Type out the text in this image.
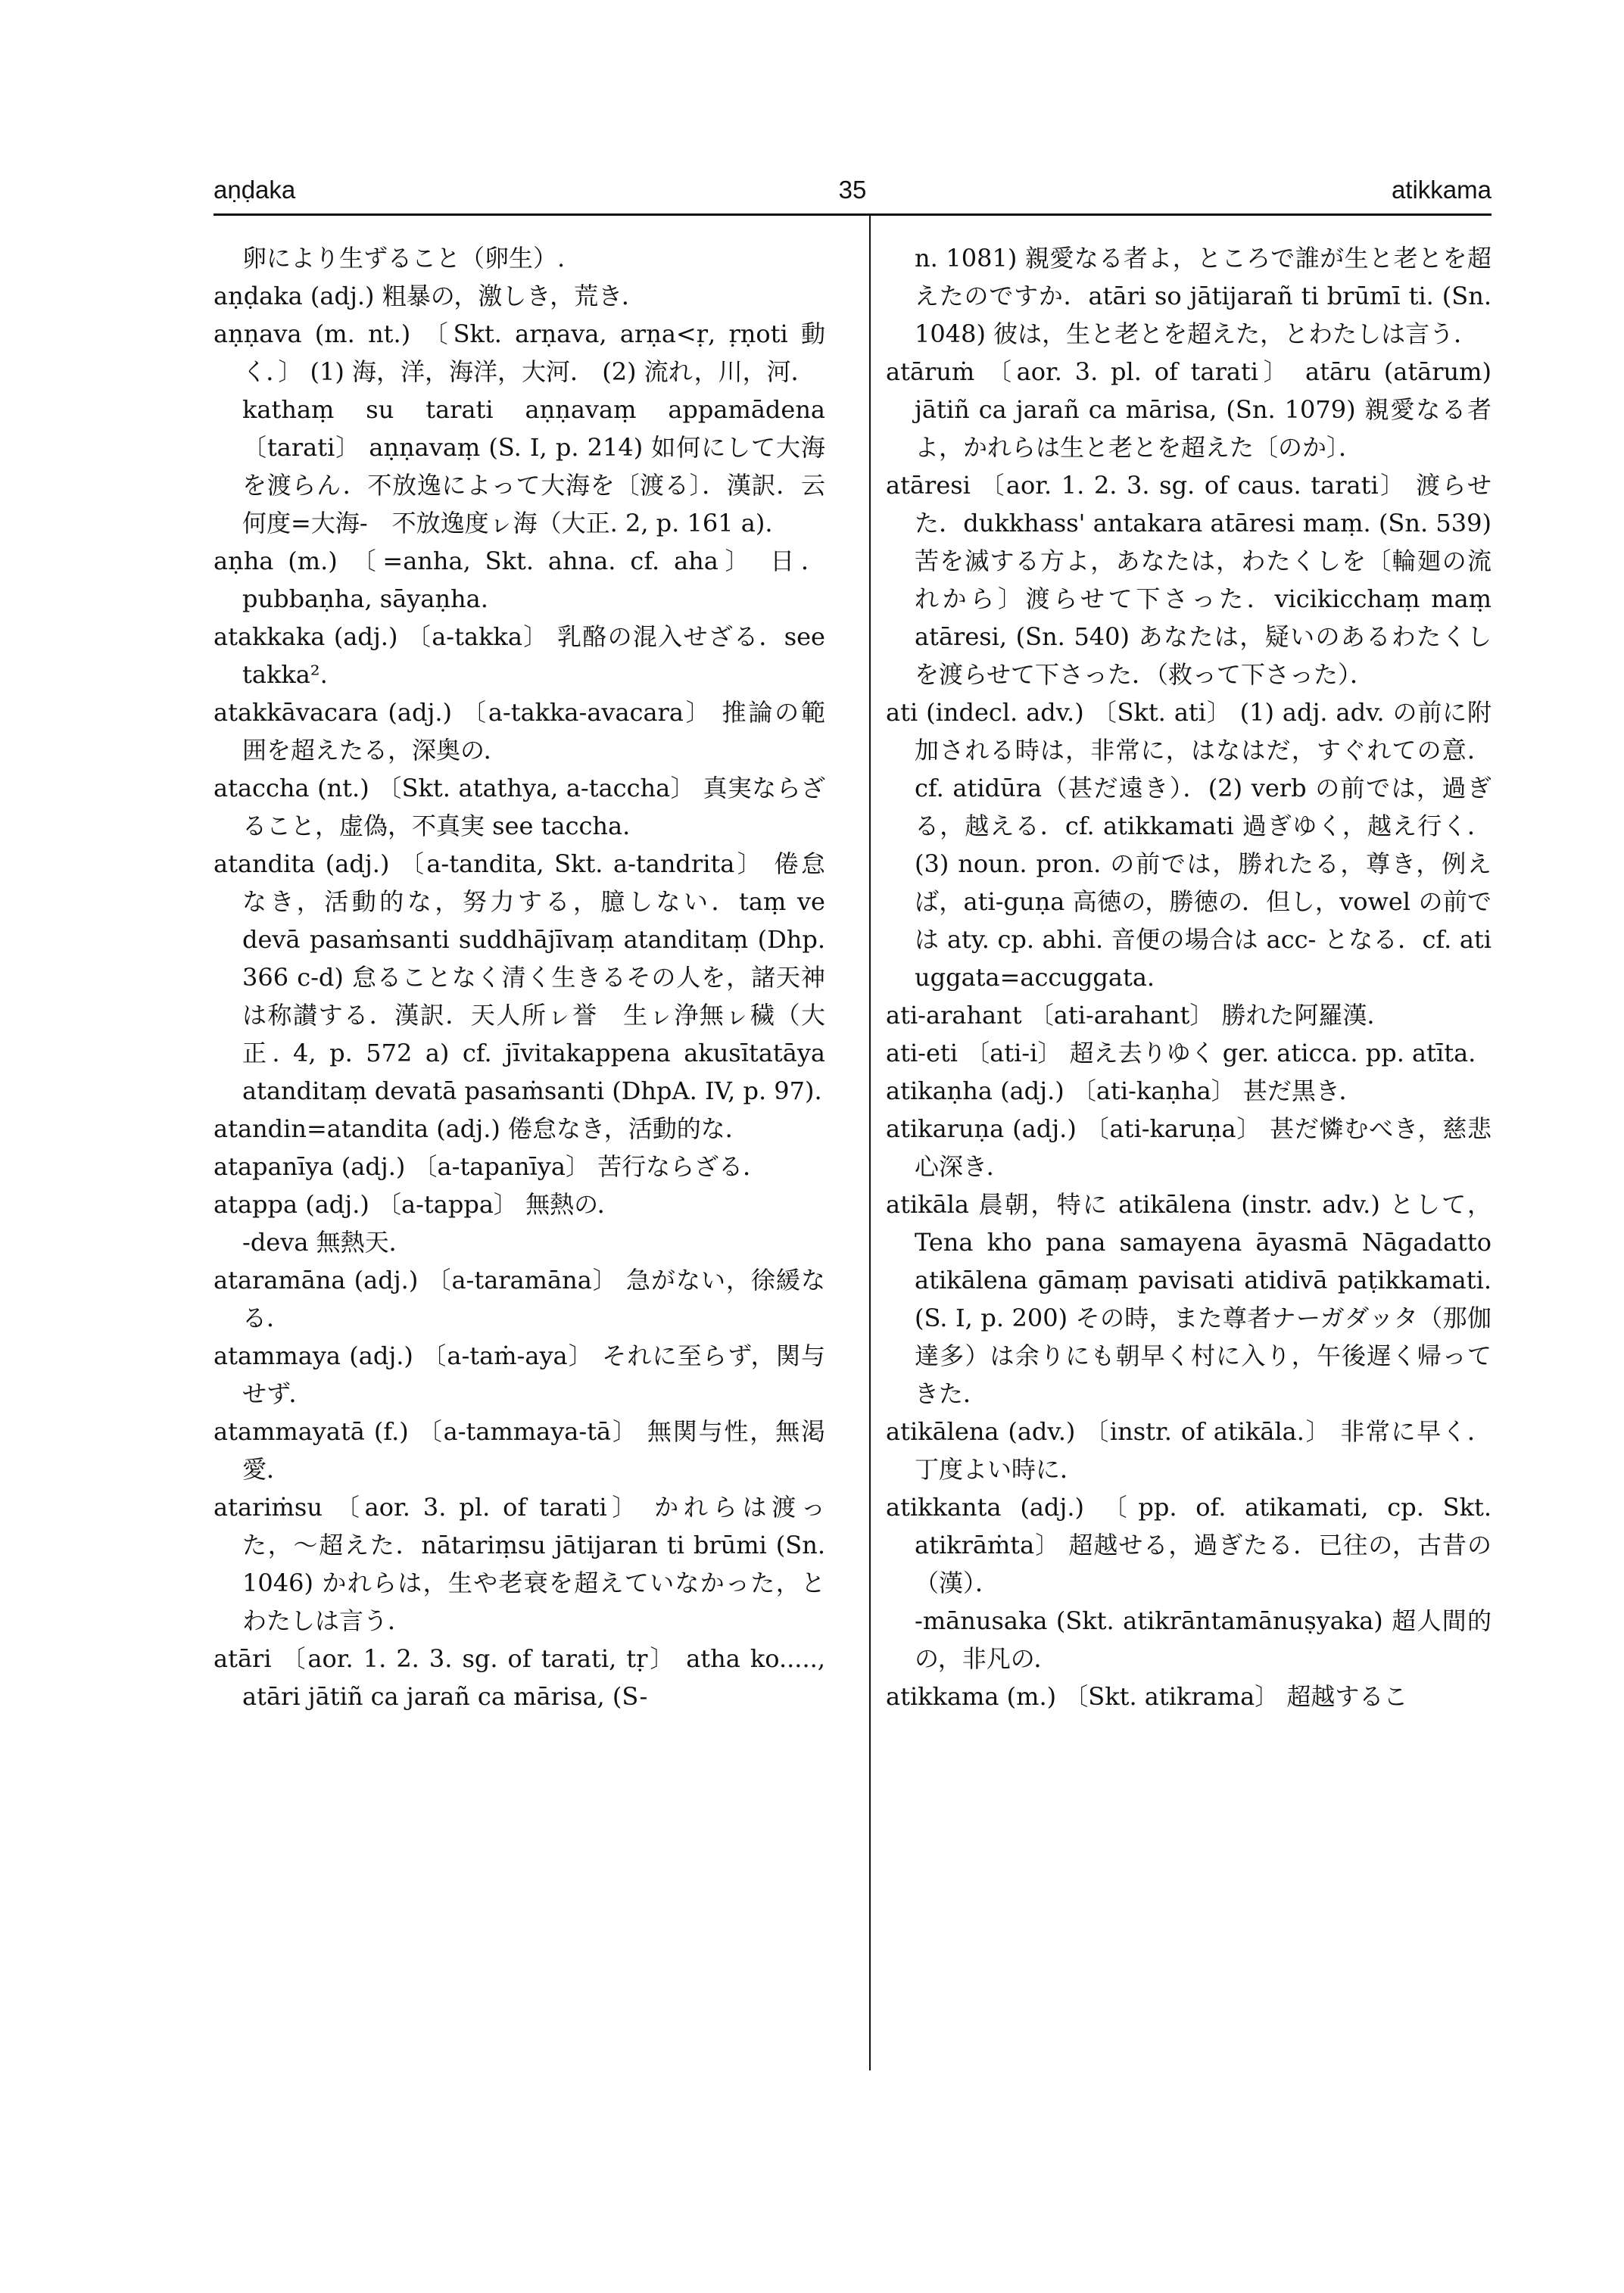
aṇḍaka	35	atikkama

卵により生ずること（卵生）.

aṇḍaka (adj.) 粗暴の，激しき，荒き．

aṇṇava (m. nt.) 〔Skt. arṇava, arṇa<ṛ, ṛṇoti 動く．〕 (1) 海，洋，海洋，大河． (2) 流れ，川，河．

kathaṃ su tarati aṇṇavaṃ appamādena 〔tarati〕 aṇṇavaṃ (S. I, p. 214) 如何にして大海を渡らん．不放逸によって大海を〔渡る〕．漢訳．云何度=大海-　不放逸度ㇾ海（大正. 2, p. 161 a).

aṇha (m.) 〔=anha, Skt. ahna. cf. aha〕 日．pubbaṇha, sāyaṇha.

atakkaka (adj.) 〔a-takka〕 乳酪の混入せざる．see takka².

atakkāvacara (adj.) 〔a-takka-avacara〕 推論の範囲を超えたる，深奥の．

ataccha (nt.) 〔Skt. atathya, a-taccha〕 真実ならざること，虚偽，不真実 see taccha.

atandita (adj.) 〔a-tandita, Skt. a-tandrita〕 倦怠なき，活動的な，努力する，臆しない．taṃ ve devā pasaṁsanti suddhājīvaṃ atanditaṃ (Dhp. 366 c-d) 怠ることなく清く生きるその人を，諸天神は称讃する．漢訳．天人所ㇾ誉　生ㇾ浄無ㇾ穢（大正. 4, p. 572 a) cf. jīvitakappena akusītatāya atanditaṃ devatā pasaṁsanti (DhpA. IV, p. 97).

atandin=atandita (adj.) 倦怠なき，活動的な．

atapanīya (adj.) 〔a-tapanīya〕 苦行ならざる．

atappa (adj.) 〔a-tappa〕 無熱の．

-deva 無熱天．

ataramāna (adj.) 〔a-taramāna〕 急がない，徐緩なる．

atammaya (adj.) 〔a-taṁ-aya〕 それに至らず，関与せず．

atammayatā (f.) 〔a-tammaya-tā〕 無関与性，無渇愛．

atariṁsu 〔aor. 3. pl. of tarati〕 かれらは渡った，〜超えた．nātariṃsu jātijaran ti brūmi (Sn. 1046) かれらは，生や老衰を超えていなかった，とわたしは言う．

atāri 〔aor. 1. 2. 3. sg. of tarati, tṛ〕 atha ko....., atāri jātiñ ca jarañ ca mārisa, (S-

n. 1081) 親愛なる者よ，ところで誰が生と老とを超えたのですか．atāri so jātijarañ ti brūmī ti. (Sn. 1048) 彼は，生と老とを超えた，とわたしは言う．

atāruṁ 〔aor. 3. pl. of tarati〕 atāru (atārum) jātiñ ca jarañ ca mārisa, (Sn. 1079) 親愛なる者よ，かれらは生と老とを超えた〔のか〕．

atāresi 〔aor. 1. 2. 3. sg. of caus. tarati〕 渡らせた．dukkhass' antakara atāresi maṃ. (Sn. 539) 苦を滅する方よ，あなたは，わたくしを〔輪廻の流れから〕渡らせて下さった．vicikicchaṃ maṃ atāresi, (Sn. 540) あなたは，疑いのあるわたくしを渡らせて下さった．（救って下さった）．

ati (indecl. adv.) 〔Skt. ati〕 (1) adj. adv. の前に附加される時は，非常に，はなはだ，すぐれての意．cf. atidūra（甚だ遠き）．(2) verb の前では，過ぎる，越える．cf. atikkamati 過ぎゆく，越え行く． (3) noun. pron. の前では，勝れたる，尊き，例えば，ati-guṇa 高徳の，勝徳の．但し，vowel の前では aty. cp. abhi. 音便の場合は acc- となる．cf. ati uggata=accuggata.

ati-arahant 〔ati-arahant〕 勝れた阿羅漢．

ati-eti 〔ati-i〕 超え去りゆく ger. aticca. pp. atīta.

atikaṇha (adj.) 〔ati-kaṇha〕 甚だ黒き．

atikaruṇa (adj.) 〔ati-karuṇa〕 甚だ憐むべき，慈悲心深き．

atikāla 晨朝，特に atikālena (instr. adv.) として，Tena kho pana samayena āyasmā Nāgadatto atikālena gāmaṃ pavisati atidivā paṭikkamati. (S. I, p. 200) その時，また尊者ナーガダッタ（那伽達多）は余りにも朝早く村に入り，午後遅く帰ってきた．

atikālena (adv.) 〔instr. of atikāla.〕 非常に早く．丁度よい時に．

atikkanta (adj.) 〔pp. of. atikamati, cp. Skt. atikrāṁta〕 超越せる，過ぎたる．已往の，古昔の（漢）．

-mānusaka (Skt. atikrāntamānuṣyaka) 超人間的の，非凡の．

atikkama (m.) 〔Skt. atikrama〕 超越するこ
